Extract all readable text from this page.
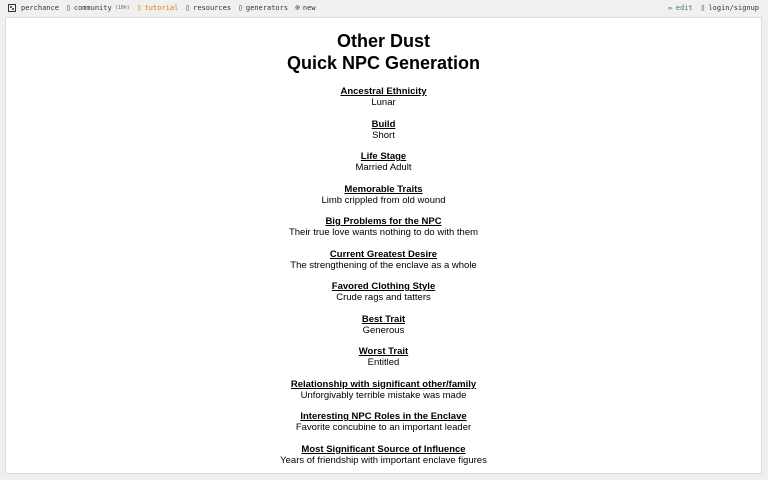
perchance ▯ community (10h) ▯ tutorial ▯ resources ▯ generators ⊕ new	✏ edit ▯ login/signup
Other Dust
Quick NPC Generation
Ancestral Ethnicity
Lunar
Build
Short
Life Stage
Married Adult
Memorable Traits
Limb crippled from old wound
Big Problems for the NPC
Their true love wants nothing to do with them
Current Greatest Desire
The strengthening of the enclave as a whole
Favored Clothing Style
Crude rags and tatters
Best Trait
Generous
Worst Trait
Entitled
Relationship with significant other/family
Unforgivably terrible mistake was made
Interesting NPC Roles in the Enclave
Favorite concubine to an important leader
Most Significant Source of Influence
Years of friendship with important enclave figures
